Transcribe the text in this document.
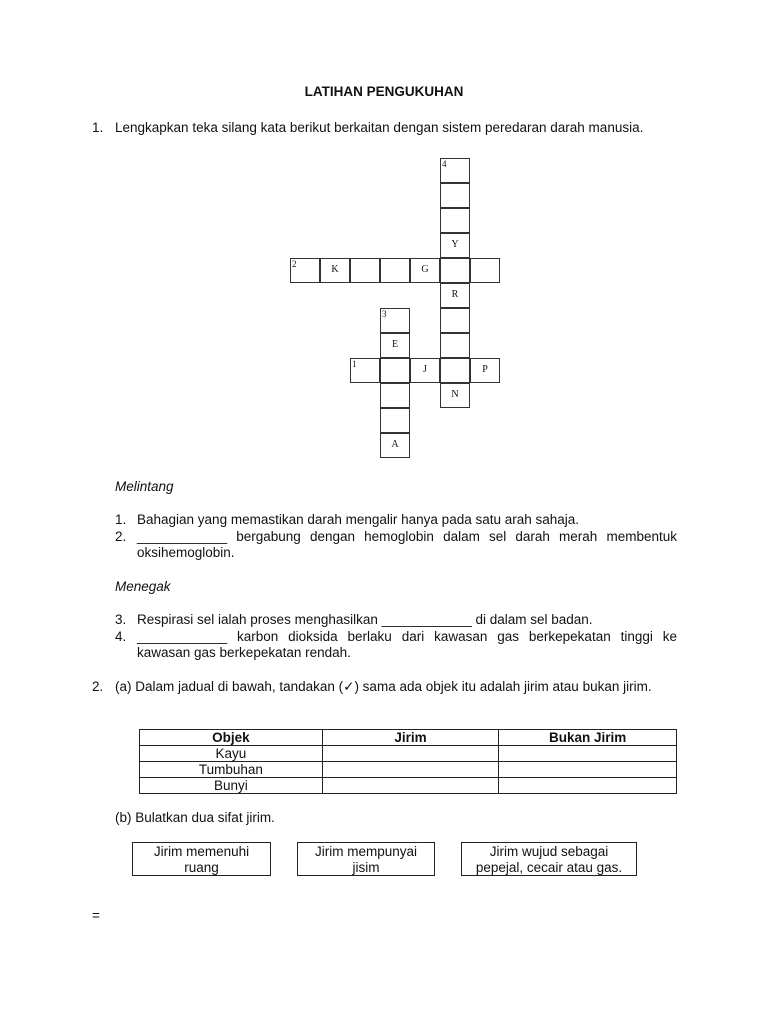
LATIHAN PENGUKUHAN
1. Lengkapkan teka silang kata berikut berkaitan dengan sistem peredaran darah manusia.
4
Y
R
N
2	K	G
3
E
A
1	J	P
Melintang
1. Bahagian yang memastikan darah mengalir hanya pada satu arah sahaja.
2. ____________ bergabung dengan hemoglobin dalam sel darah merah membentuk oksihemoglobin.
Menegak
3. Respirasi sel ialah proses menghasilkan ____________ di dalam sel badan.
4. ____________ karbon dioksida berlaku dari kawasan gas berkepekatan tinggi ke kawasan gas berkepekatan rendah.
2. (a) Dalam jadual di bawah, tandakan (✓) sama ada objek itu adalah jirim atau bukan jirim.
Objek	Jirim	Bukan Jirim
Kayu		
Tumbuhan		
Bunyi		
(b) Bulatkan dua sifat jirim.
Jirim memenuhi
ruang
Jirim mempunyai
jisim
Jirim wujud sebagai
pepejal, cecair atau gas.
=
